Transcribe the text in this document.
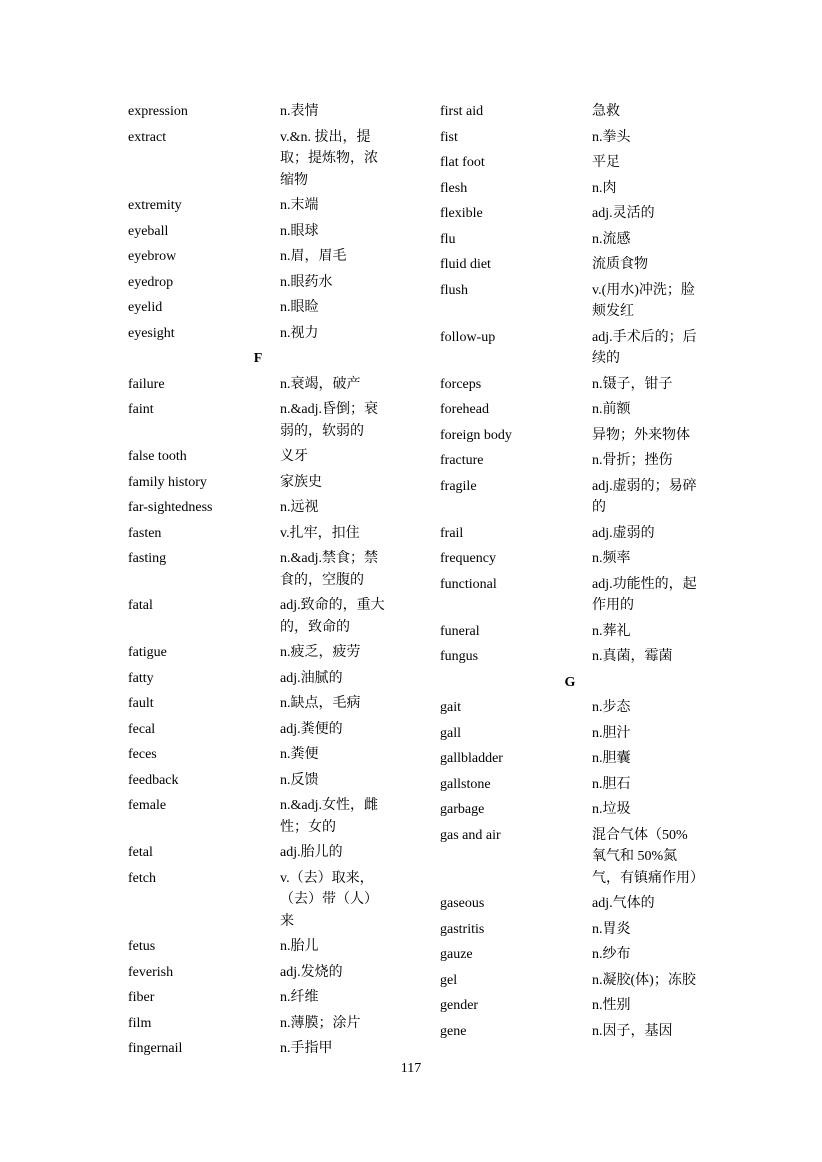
expression	n.表情
extract	v.&n. 拔出，提取；提炼物，浓缩物
extremity	n.末端
eyeball	n.眼球
eyebrow	n.眉，眉毛
eyedrop	n.眼药水
eyelid	n.眼睑
eyesight	n.视力
F
failure	n.衰竭，破产
faint	n.&adj.昏倒；衰弱的，软弱的
false tooth	义牙
family history	家族史
far-sightedness	n.远视
fasten	v.扎牢，扣住
fasting	n.&adj.禁食；禁食的，空腹的
fatal	adj.致命的，重大的，致命的
fatigue	n.疲乏，疲劳
fatty	adj.油腻的
fault	n.缺点，毛病
fecal	adj.粪便的
feces	n.粪便
feedback	n.反馈
female	n.&adj.女性，雌性；女的
fetal	adj.胎儿的
fetch	v.（去）取来，（去）带（人）来
fetus	n.胎儿
feverish	adj.发烧的
fiber	n.纤维
film	n.薄膜；涂片
fingernail	n.手指甲
first aid	急救
fist	n.拳头
flat foot	平足
flesh	n.肉
flexible	adj.灵活的
flu	n.流感
fluid diet	流质食物
flush	v.(用水)冲洗；脸颊发红
follow-up	adj.手术后的；后续的
forceps	n.镊子，钳子
forehead	n.前额
foreign body	异物；外来物体
fracture	n.骨折；挫伤
fragile	adj.虚弱的；易碎的
frail	adj.虚弱的
frequency	n.频率
functional	adj.功能性的，起作用的
funeral	n.葬礼
fungus	n.真菌，霉菌
G
gait	n.步态
gall	n.胆汁
gallbladder	n.胆囊
gallstone	n.胆石
garbage	n.垃圾
gas and air	混合气体（50%氧气和 50%氮气，有镇痛作用）
gaseous	adj.气体的
gastritis	n.胃炎
gauze	n.纱布
gel	n.凝胶(体)；冻胶
gender	n.性别
gene	n.因子，基因
117
